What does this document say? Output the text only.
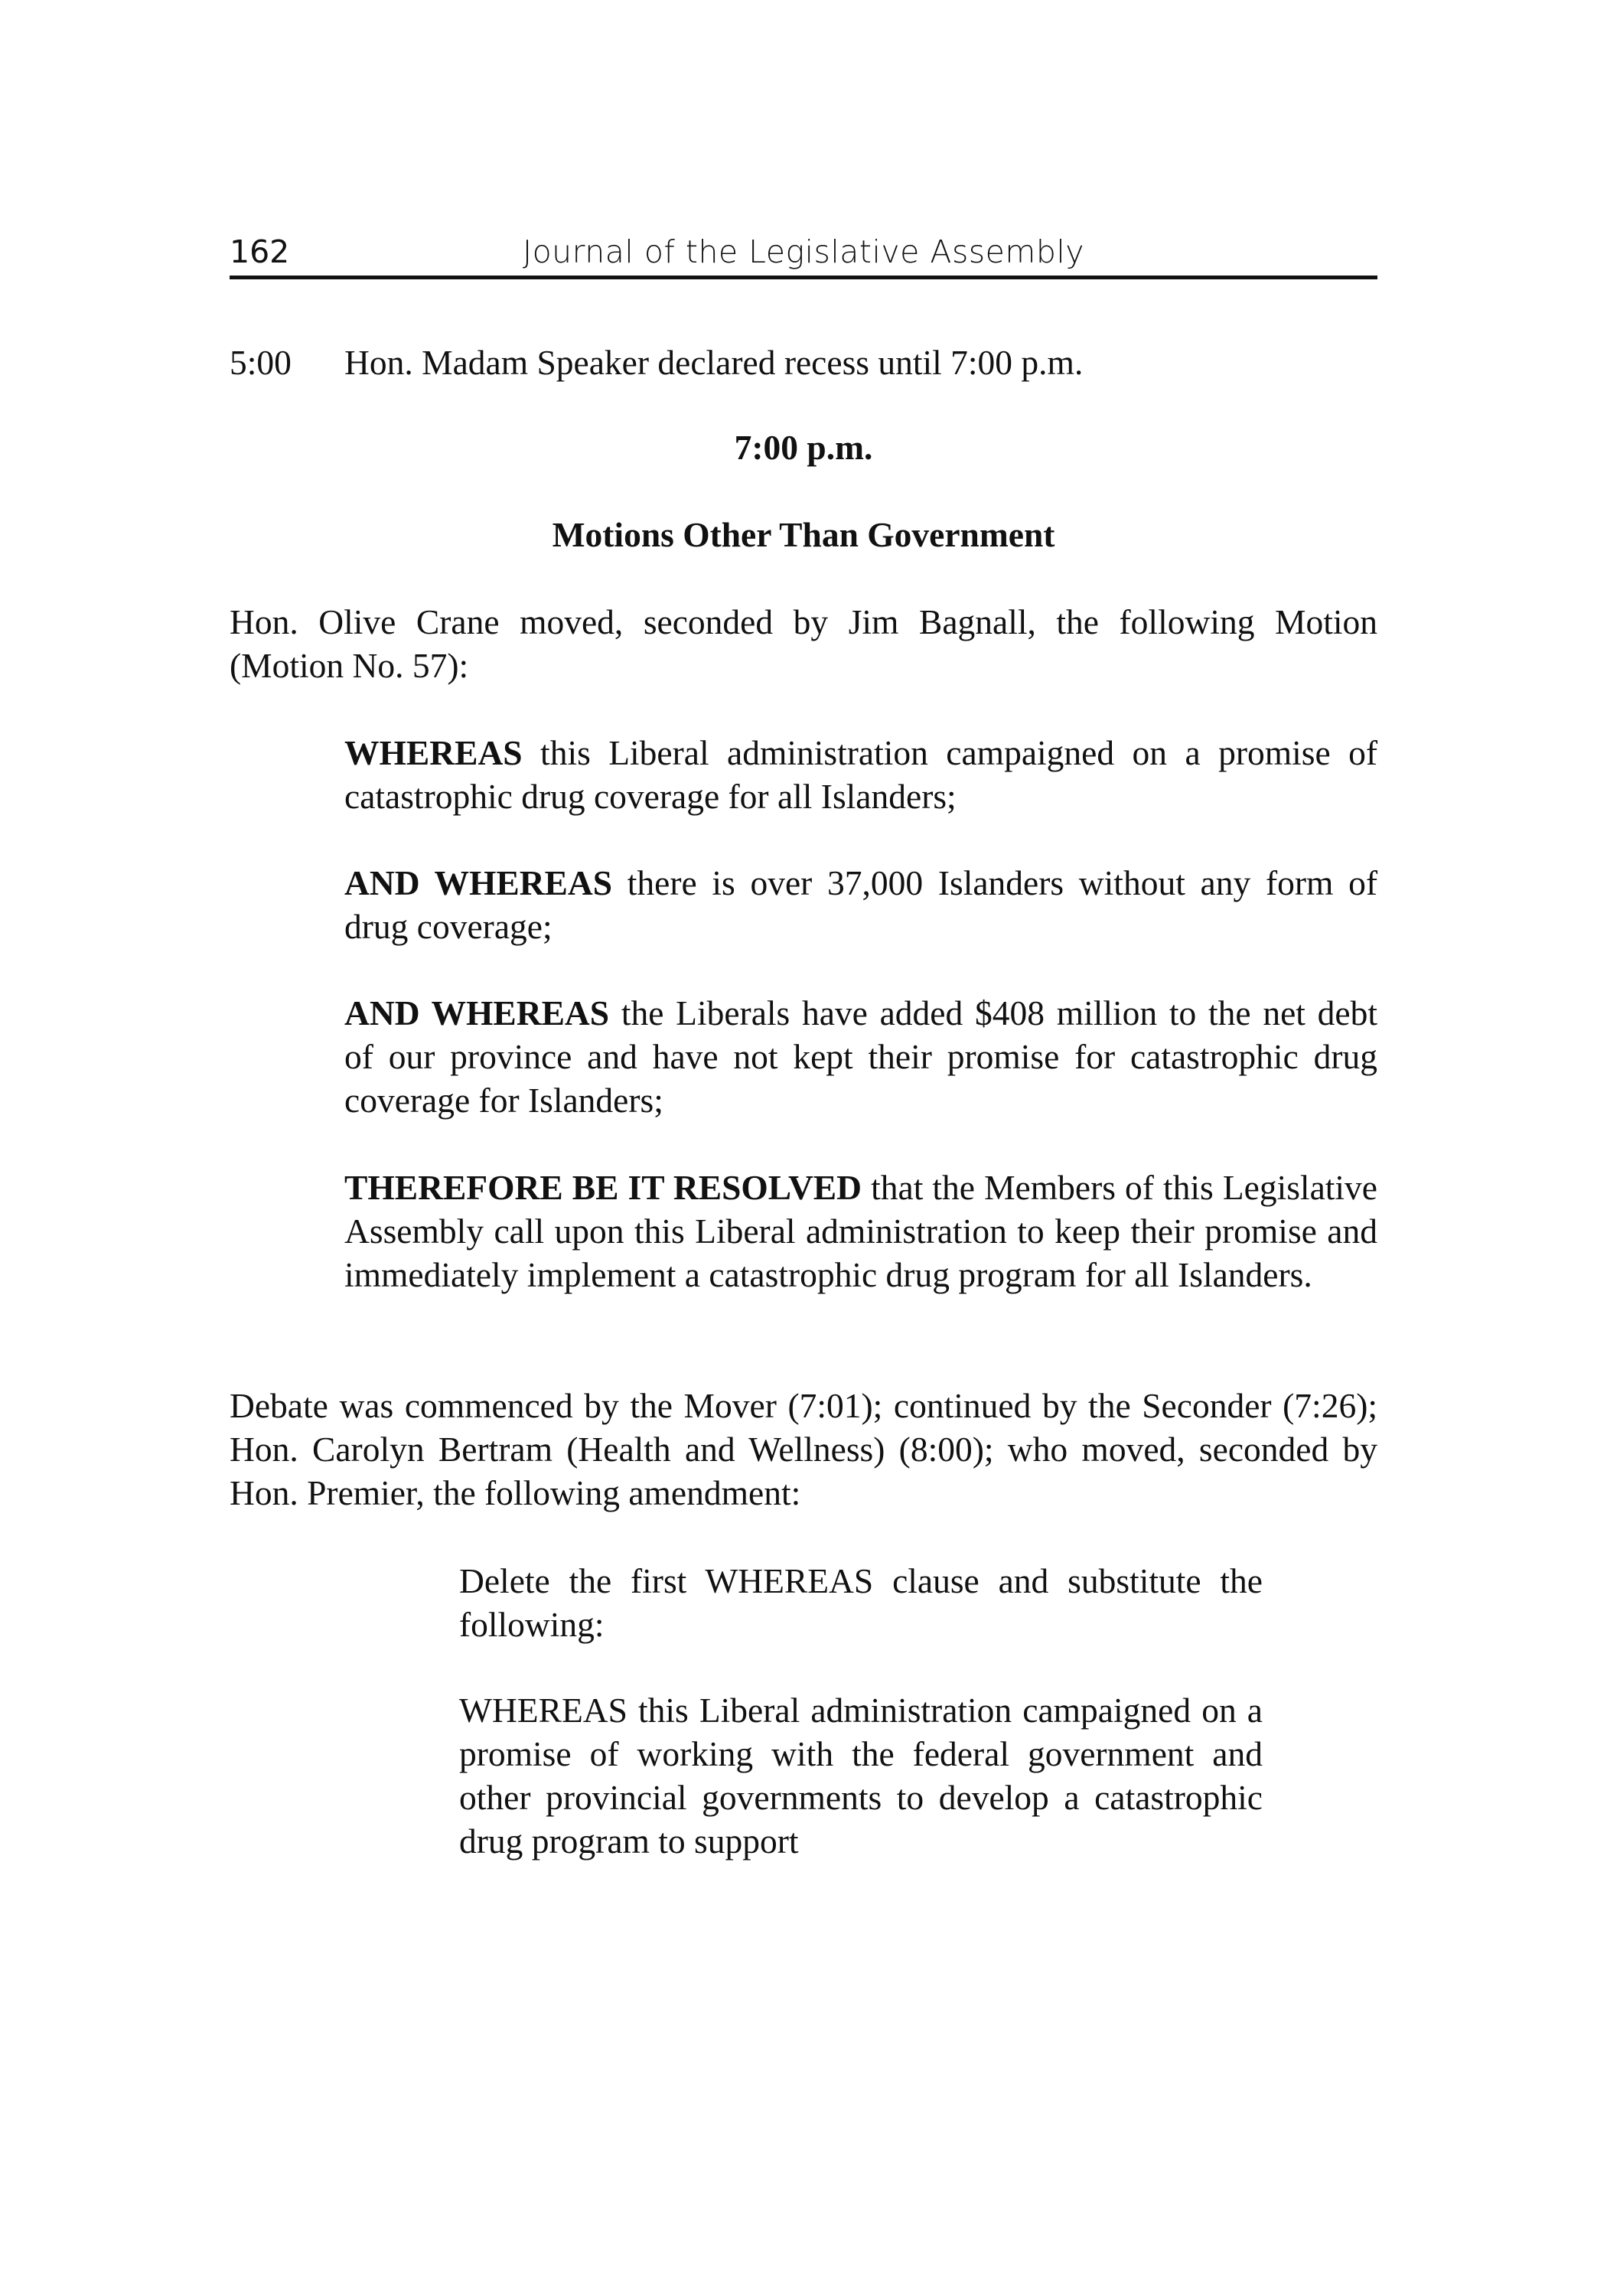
162	Journal of the Legislative Assembly

5:00 Hon. Madam Speaker declared recess until 7:00 p.m.

7:00 p.m.

Motions Other Than Government

Hon. Olive Crane moved, seconded by Jim Bagnall, the following Motion (Motion No. 57):

WHEREAS this Liberal administration campaigned on a promise of catastrophic drug coverage for all Islanders;

AND WHEREAS there is over 37,000 Islanders without any form of drug coverage;

AND WHEREAS the Liberals have added $408 million to the net debt of our province and have not kept their promise for catastrophic drug coverage for Islanders;

THEREFORE BE IT RESOLVED that the Members of this Legislative Assembly call upon this Liberal administration to keep their promise and immediately implement a catastrophic drug program for all Islanders.

Debate was commenced by the Mover (7:01); continued by the Seconder (7:26); Hon. Carolyn Bertram (Health and Wellness) (8:00); who moved, seconded by Hon. Premier, the following amendment:

Delete the first WHEREAS clause and substitute the following:

WHEREAS this Liberal administration campaigned on a promise of working with the federal government and other provincial governments to develop a catastrophic drug program to support
